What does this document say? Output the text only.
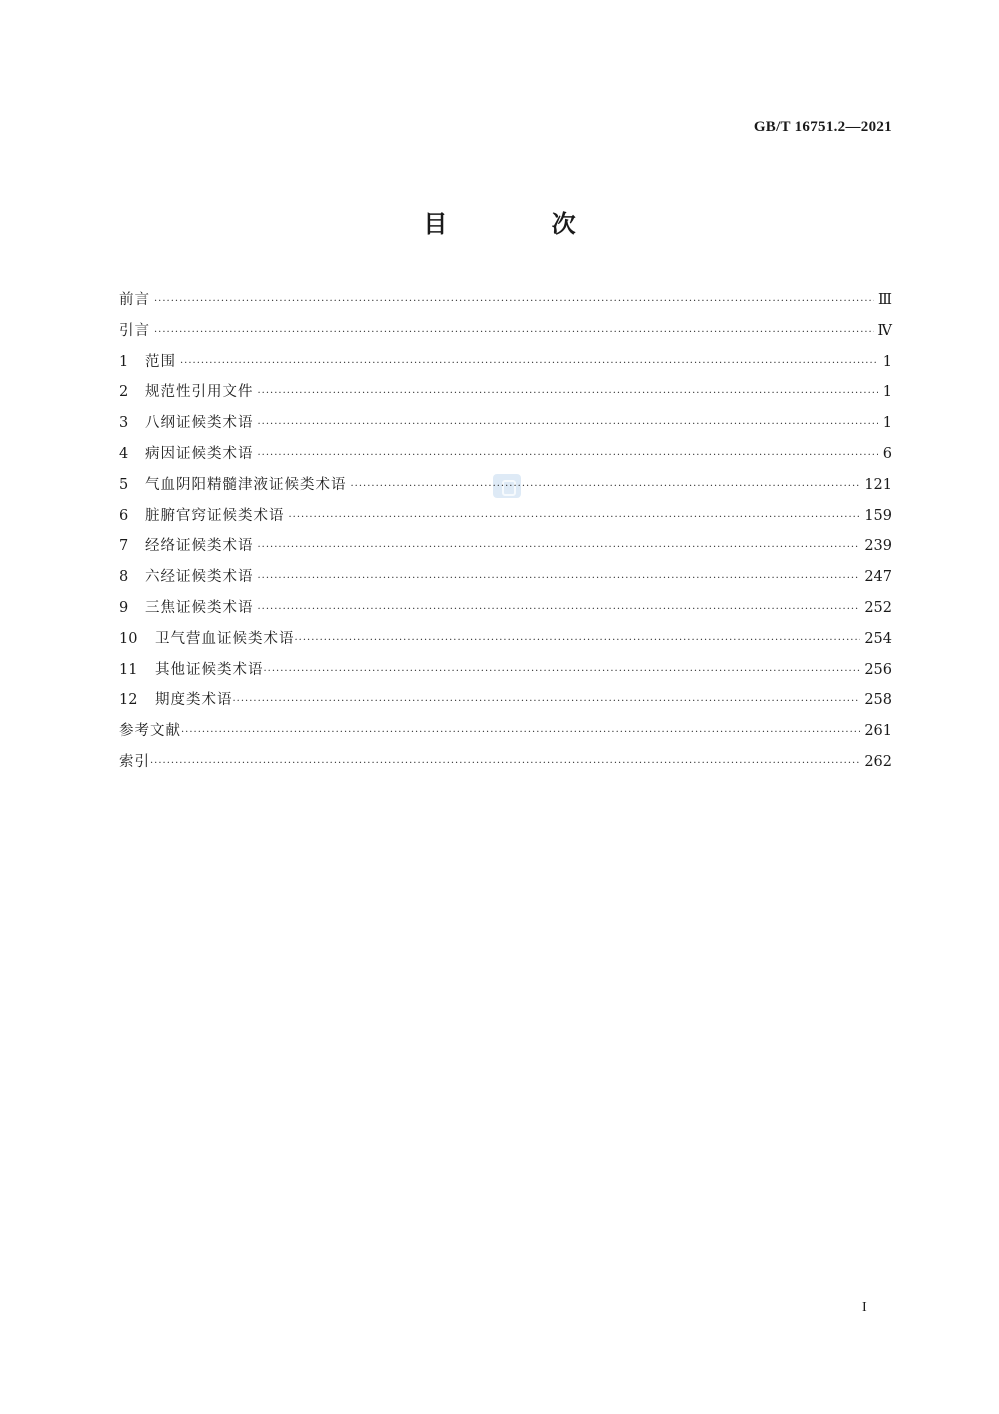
GB/T 16751.2—2021
目 次
前言 ·····	Ⅲ
引言 ·····	Ⅳ
1	范围 ·····	1
2	规范性引用文件 ·····	1
3	八纲证候类术语 ·····	1
4	病因证候类术语 ·····	6
5	气血阴阳精髓津液证候类术语 ·····	121
6	脏腑官窍证候类术语 ·····	159
7	经络证候类术语 ·····	239
8	六经证候类术语 ·····	247
9	三焦证候类术语 ·····	252
10	卫气营血证候类术语 ·····	254
11	其他证候类术语 ·····	256
12	期度类术语 ·····	258
参考文献 ·····	261
索引 ·····	262
I
